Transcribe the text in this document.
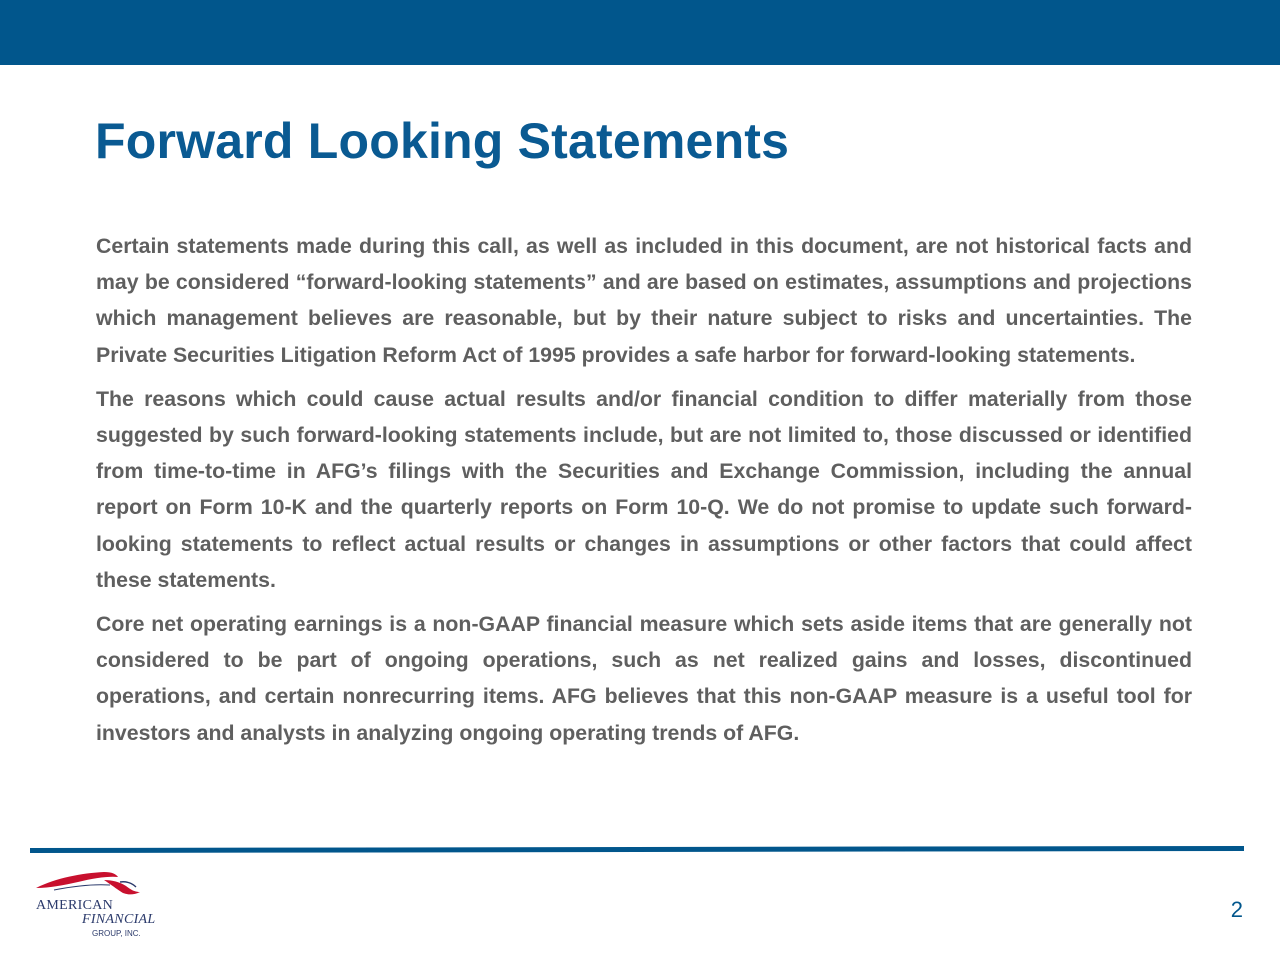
Forward Looking Statements

Certain statements made during this call, as well as included in this document, are not historical facts and may be considered “forward-looking statements” and are based on estimates, assumptions and projections which management believes are reasonable, but by their nature subject to risks and uncertainties. The Private Securities Litigation Reform Act of 1995 provides a safe harbor for forward-looking statements.

The reasons which could cause actual results and/or financial condition to differ materially from those suggested by such forward-looking statements include, but are not limited to, those discussed or identified from time-to-time in AFG’s filings with the Securities and Exchange Commission, including the annual report on Form 10-K and the quarterly reports on Form 10-Q. We do not promise to update such forward-looking statements to reflect actual results or changes in assumptions or other factors that could affect these statements.

Core net operating earnings is a non-GAAP financial measure which sets aside items that are generally not considered to be part of ongoing operations, such as net realized gains and losses, discontinued operations, and certain nonrecurring items. AFG believes that this non-GAAP measure is a useful tool for investors and analysts in analyzing ongoing operating trends of AFG.

AMERICAN
FINANCIAL
GROUP, INC.
2
